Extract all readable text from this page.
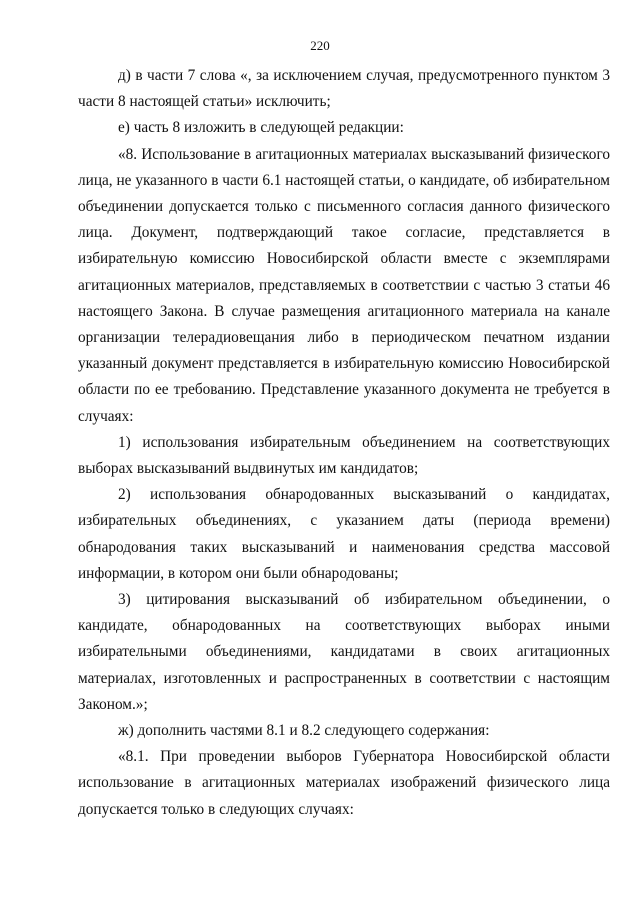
220

д) в части 7 слова «, за исключением случая, предусмотренного пунктом 3 части 8 настоящей статьи» исключить;

е) часть 8 изложить в следующей редакции:

«8. Использование в агитационных материалах высказываний физического лица, не указанного в части 6.1 настоящей статьи, о кандидате, об избирательном объединении допускается только с письменного согласия данного физического лица. Документ, подтверждающий такое согласие, представляется в избирательную комиссию Новосибирской области вместе с экземплярами агитационных материалов, представляемых в соответствии с частью 3 статьи 46 настоящего Закона. В случае размещения агитационного материала на канале организации телерадиовещания либо в периодическом печатном издании указанный документ представляется в избирательную комиссию Новосибирской области по ее требованию. Представление указанного документа не требуется в случаях:

1) использования избирательным объединением на соответствующих выборах высказываний выдвинутых им кандидатов;

2) использования обнародованных высказываний о кандидатах, избирательных объединениях, с указанием даты (периода времени) обнародования таких высказываний и наименования средства массовой информации, в котором они были обнародованы;

3) цитирования высказываний об избирательном объединении, о кандидате, обнародованных на соответствующих выборах иными избирательными объединениями, кандидатами в своих агитационных материалах, изготовленных и распространенных в соответствии с настоящим Законом.»;

ж) дополнить частями 8.1 и 8.2 следующего содержания:

«8.1. При проведении выборов Губернатора Новосибирской области использование в агитационных материалах изображений физического лица допускается только в следующих случаях:
